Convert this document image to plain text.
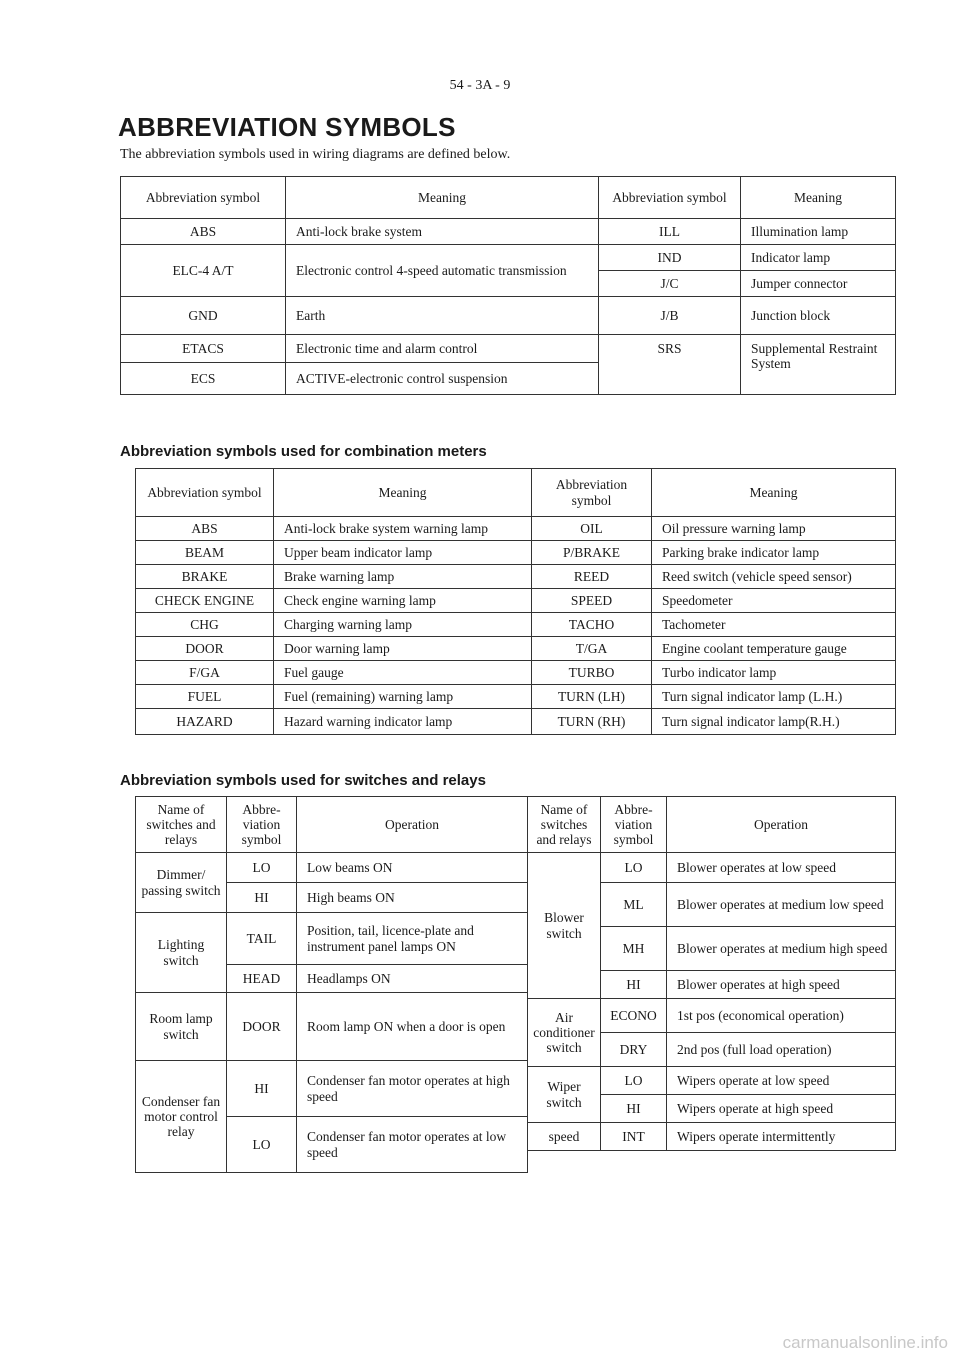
54 - 3A - 9
ABBREVIATION SYMBOLS
The abbreviation symbols used in wiring diagrams are defined below.
Abbreviation symbol	Meaning	Abbreviation symbol	Meaning
ABS	Anti-lock brake system	ILL	Illumination lamp
ELC-4 A/T	Electronic control 4-speed automatic transmission	IND	Indicator lamp
		J/C	Jumper connector
GND	Earth	J/B	Junction block
ETACS	Electronic time and alarm control	SRS	Supplemental Restraint System
ECS	ACTIVE-electronic control suspension		
Abbreviation symbols used for combination meters
Abbreviation symbol	Meaning	Abbreviation symbol	Meaning
ABS	Anti-lock brake system warning lamp	OIL	Oil pressure warning lamp
BEAM	Upper beam indicator lamp	P/BRAKE	Parking brake indicator lamp
BRAKE	Brake warning lamp	REED	Reed switch (vehicle speed sensor)
CHECK ENGINE	Check engine warning lamp	SPEED	Speedometer
CHG	Charging warning lamp	TACHO	Tachometer
DOOR	Door warning lamp	T/GA	Engine coolant temperature gauge
F/GA	Fuel gauge	TURBO	Turbo indicator lamp
FUEL	Fuel (remaining) warning lamp	TURN (LH)	Turn signal indicator lamp (L.H.)
HAZARD	Hazard warning indicator lamp	TURN (RH)	Turn signal indicator lamp(R.H.)
Abbreviation symbols used for switches and relays
Name of switches and relays	Abbre-viation symbol	Operation
Dimmer/ passing switch	LO	Low beams ON
	HI	High beams ON
Lighting switch	TAIL	Position, tail, licence-plate and instrument panel lamps ON
	HEAD	Headlamps ON
Room lamp switch	DOOR	Room lamp ON when a door is open
Condenser fan motor control relay	HI	Condenser fan motor operates at high speed
	LO	Condenser fan motor operates at low speed
Name of switches and relays	Abbre-viation symbol	Operation
Blower switch	LO	Blower operates at low speed
	ML	Blower operates at medium low speed
	MH	Blower operates at medium high speed
	HI	Blower operates at high speed
Air conditioner switch	ECONO	1st pos (economical operation)
	DRY	2nd pos (full load operation)
Wiper switch	LO	Wipers operate at low speed
	HI	Wipers operate at high speed
speed	INT	Wipers operate intermittently
carmanualsonline.info
